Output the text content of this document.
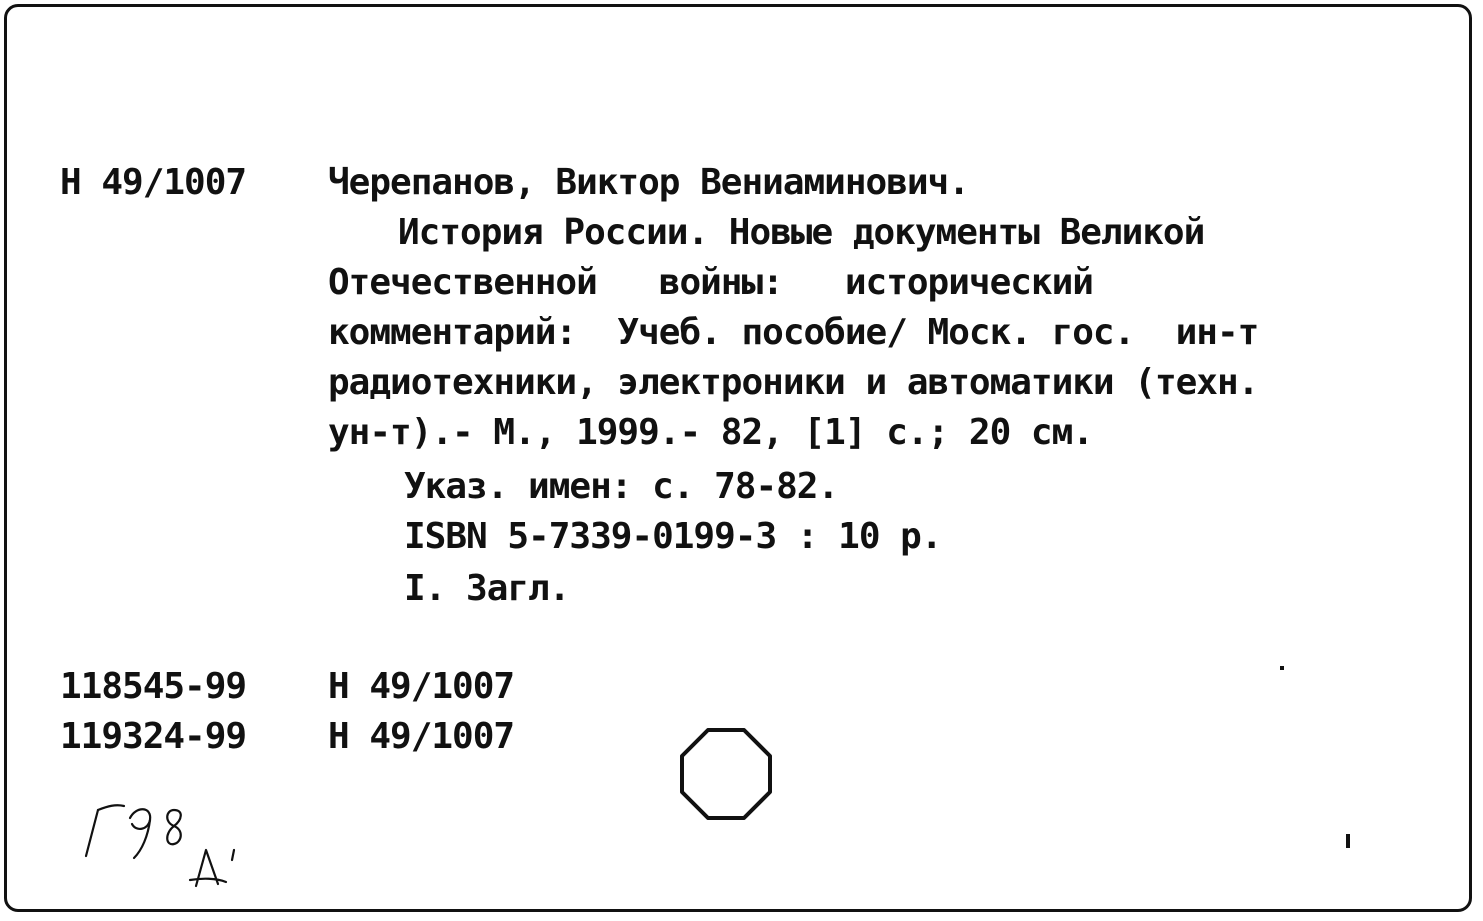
Н 49/1007 Черепанов, Виктор Вениаминович.
История России. Новые документы Великой
Отечественной   войны:   исторический
комментарий:  Учеб. пособие/ Моск. гос.  ин-т
радиотехники, электроники и автоматики (техн.
ун-т).- М., 1999.- 82, [1] с.; 20 см.
Указ. имен: с. 78-82.
ISBN 5-7339-0199-3 : 10 р.
I. Загл.
118545-99 Н 49/1007
119324-99 Н 49/1007
